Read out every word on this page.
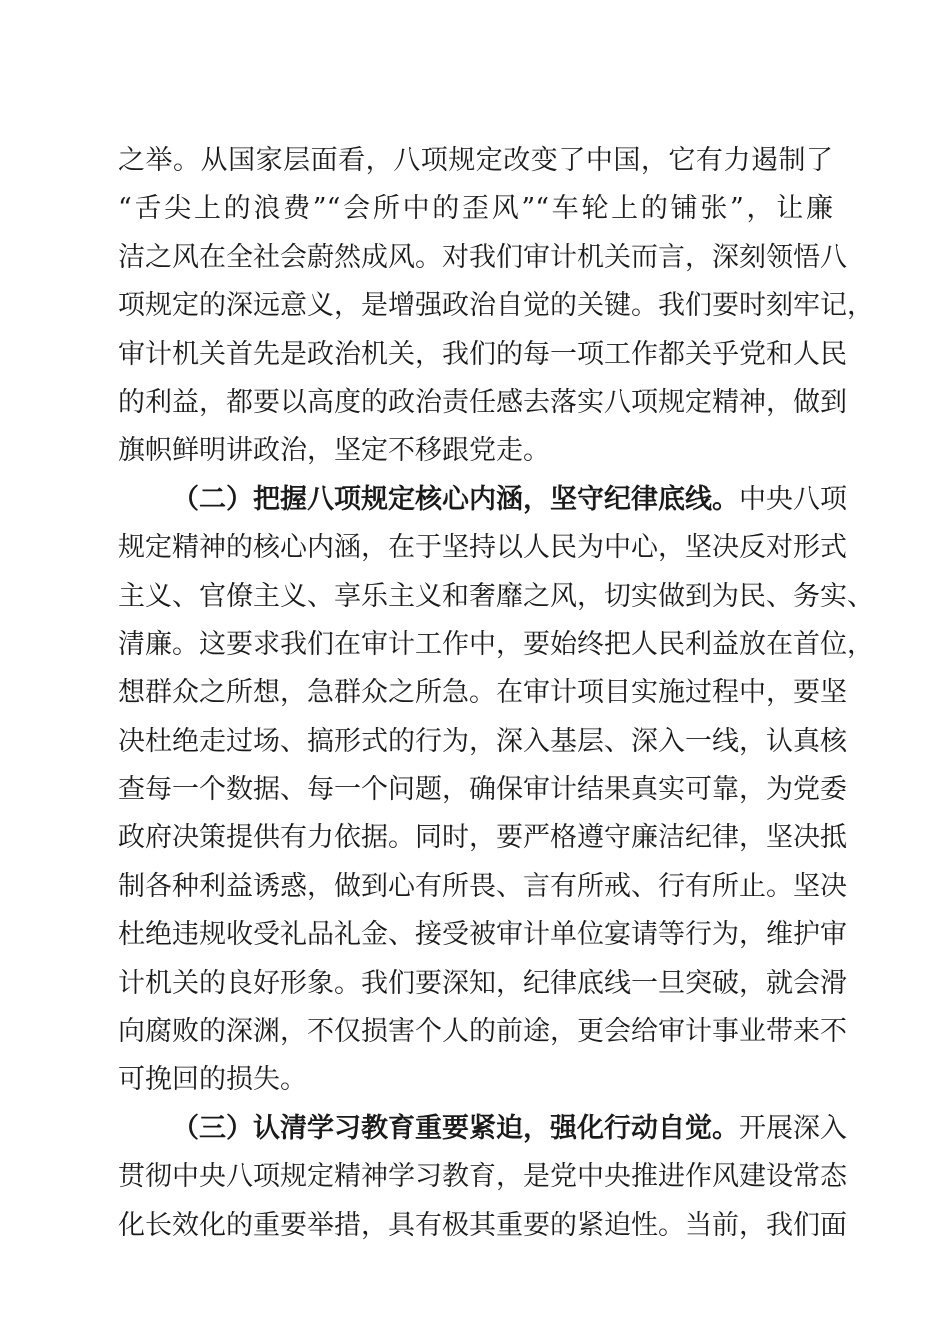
之举。从国家层面看，八项规定改变了中国，它有力遏制了
“舌尖上的浪费”“会所中的歪风”“车轮上的铺张”，让廉
洁之风在全社会蔚然成风。对我们审计机关而言，深刻领悟八
项规定的深远意义，是增强政治自觉的关键。我们要时刻牢记，
审计机关首先是政治机关，我们的每一项工作都关乎党和人民
的利益，都要以高度的政治责任感去落实八项规定精神，做到
旗帜鲜明讲政治，坚定不移跟党走。
（二）把握八项规定核心内涵，坚守纪律底线。中央八项
规定精神的核心内涵，在于坚持以人民为中心，坚决反对形式
主义、官僚主义、享乐主义和奢靡之风，切实做到为民、务实、
清廉。这要求我们在审计工作中，要始终把人民利益放在首位，
想群众之所想，急群众之所急。在审计项目实施过程中，要坚
决杜绝走过场、搞形式的行为，深入基层、深入一线，认真核
查每一个数据、每一个问题，确保审计结果真实可靠，为党委
政府决策提供有力依据。同时，要严格遵守廉洁纪律，坚决抵
制各种利益诱惑，做到心有所畏、言有所戒、行有所止。坚决
杜绝违规收受礼品礼金、接受被审计单位宴请等行为，维护审
计机关的良好形象。我们要深知，纪律底线一旦突破，就会滑
向腐败的深渊，不仅损害个人的前途，更会给审计事业带来不
可挽回的损失。
（三）认清学习教育重要紧迫，强化行动自觉。开展深入
贯彻中央八项规定精神学习教育，是党中央推进作风建设常态
化长效化的重要举措，具有极其重要的紧迫性。当前，我们面
